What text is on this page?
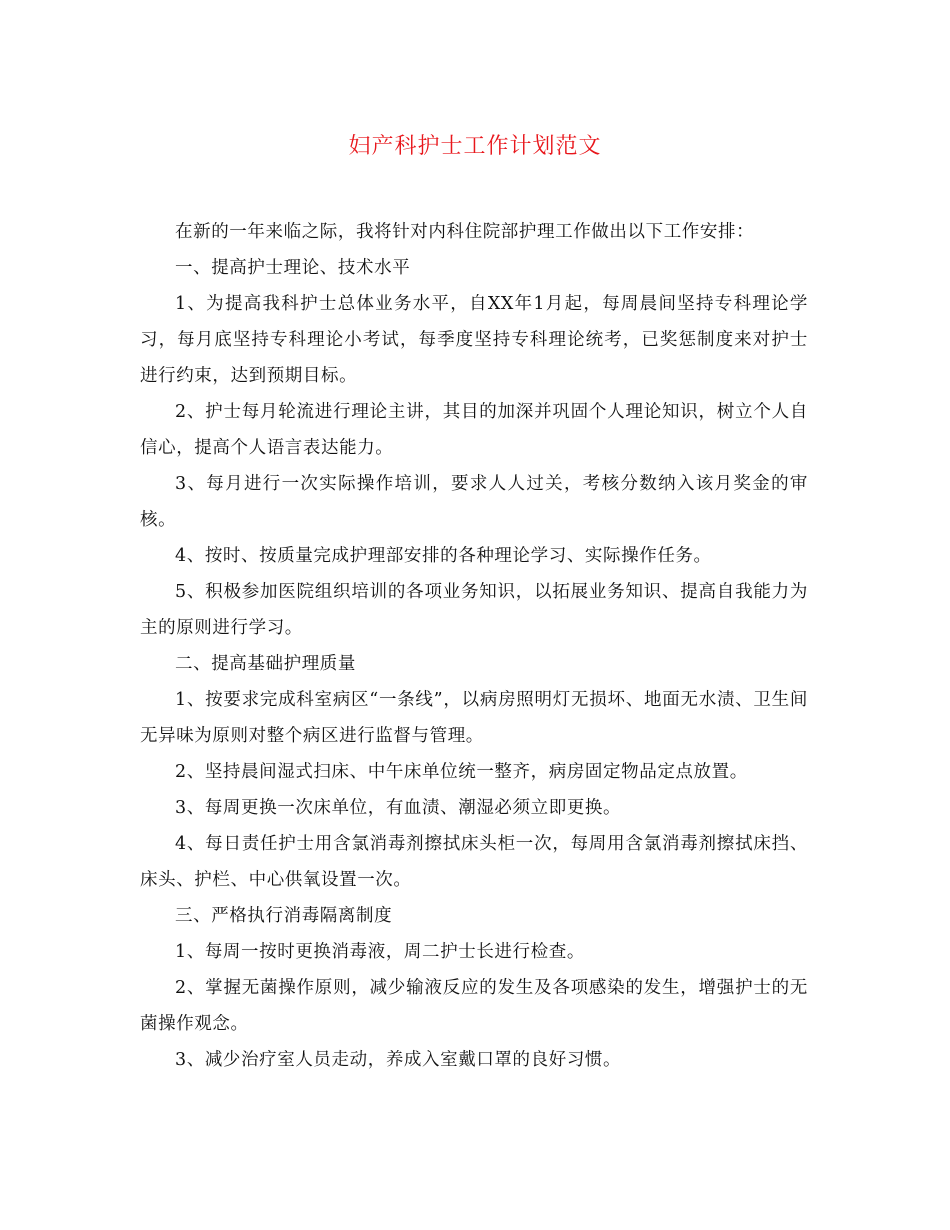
妇产科护士工作计划范文

在新的一年来临之际，我将针对内科住院部护理工作做出以下工作安排：

一、提高护士理论、技术水平

1、为提高我科护士总体业务水平，自XX年1月起，每周晨间坚持专科理论学习，每月底坚持专科理论小考试，每季度坚持专科理论统考，已奖惩制度来对护士进行约束，达到预期目标。

2、护士每月轮流进行理论主讲，其目的加深并巩固个人理论知识，树立个人自信心，提高个人语言表达能力。

3、每月进行一次实际操作培训，要求人人过关，考核分数纳入该月奖金的审核。

4、按时、按质量完成护理部安排的各种理论学习、实际操作任务。

5、积极参加医院组织培训的各项业务知识，以拓展业务知识、提高自我能力为主的原则进行学习。

二、提高基础护理质量

1、按要求完成科室病区“一条线”，以病房照明灯无损坏、地面无水渍、卫生间无异味为原则对整个病区进行监督与管理。

2、坚持晨间湿式扫床、中午床单位统一整齐，病房固定物品定点放置。

3、每周更换一次床单位，有血渍、潮湿必须立即更换。

4、每日责任护士用含氯消毒剂擦拭床头柜一次，每周用含氯消毒剂擦拭床挡、床头、护栏、中心供氧设置一次。

三、严格执行消毒隔离制度

1、每周一按时更换消毒液，周二护士长进行检查。

2、掌握无菌操作原则，减少输液反应的发生及各项感染的发生，增强护士的无菌操作观念。

3、减少治疗室人员走动，养成入室戴口罩的良好习惯。
